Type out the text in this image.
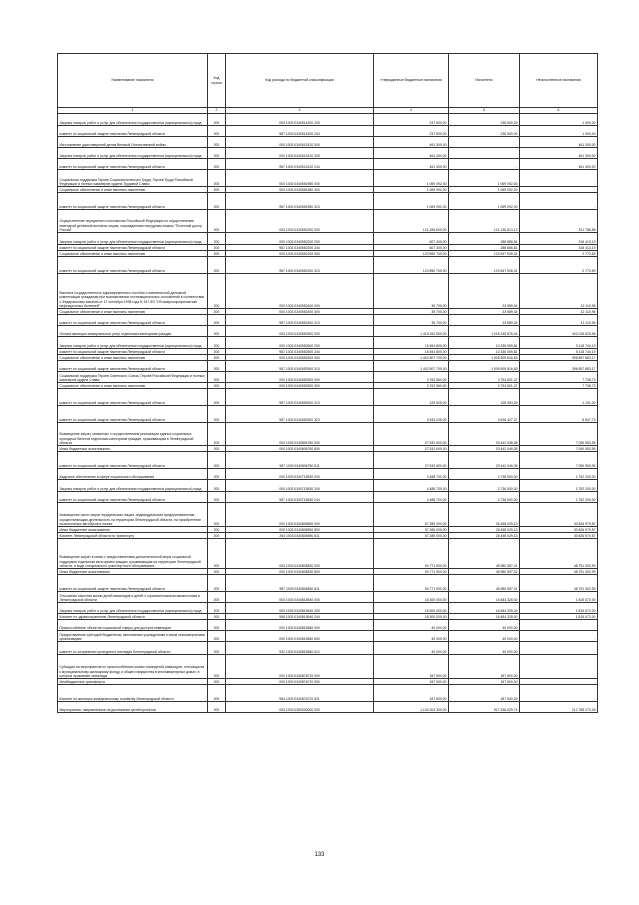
Наименование показателя	Код строки	Код расхода по бюджетной классификации	Утвержденные бюджетные назначения	Исполнено	Неисполненные назначения
1	2	3	4	5	6
Закупка товаров, работ и услуг для обеспечения государственных (муниципальных) нужд	200	000 1003 0340514200 200	237 500,00	236 500,00	1 000,00
комитет по социальной защите населения Ленинградской области	200	987 1003 0340514200 244	237 500,00	236 500,00	1 000,00
Изготовление удостоверений детям Великой Отечественной войны	200	000 1003 0340515120 000	461 300,00	-	461 300,00
Закупка товаров, работ и услуг для обеспечения государственных (муниципальных) нужд	200	000 1003 0340515120 200	461 300,00	-	461 300,00
комитет по социальной защите населения Ленинградской области	200	987 1003 0340515120 244	461 300,00	-	461 300,00
Социальная поддержка Героев Социалистического Труда, Героев Труда Российской Федерации и полных кавалеров ордена Трудовой Славы	200	000 1003 0340551980 000	1 069 092,00	1 069 092,00	-
Социальное обеспечение и иные выплаты населению	200	000 1003 0340551980 300	1 069 092,00	1 069 092,00	-
комитет по социальной защите населения Ленинградской области	200	987 1003 0340551980 313	1 069 092,00	1 069 092,00	-
Осуществление переданного полномочия Российской Федерации по осуществлению ежегодной денежной выплаты лицам, награжденным нагрудным знаком "Почетный донор России"	200	000 1003 0340552200 000	121 458 600,00	121 136 813,12	321 786,88
Закупка товаров, работ и услуг для обеспечения государственных (муниципальных) нужд	200	000 1003 0340552200 200	607 300,00	288 886,81	318 413,19
комитет по социальной защите населения Ленинградской области	200	987 1003 0340552200 244	607 300,00	288 886,81	318 413,19
Социальное обеспечение и иные выплаты населению	200	000 1003 0340552200 300	120 850 700,00	120 847 926,31	2 773,69
комитет по социальной защите населения Ленинградской области	200	987 1003 0340552200 313	120 850 700,00	120 847 926,31	2 773,69
Выплата государственного единовременного пособия и ежемесячной денежной компенсации гражданам при возникновении поствакцинальных осложнений в соответствии с Федеральным законом от 17 сентября 1998 года N 157-ФЗ "Об иммунопрофилактике инфекционных болезней"	200	000 1003 0340552400 000	35 700,00	23 589,04	12 110,96
Социальное обеспечение и иные выплаты населению	200	000 1003 0340552400 300	35 700,00	23 589,04	12 110,96
комитет по социальной защите населения Ленинградской области	200	987 1003 0340552400 313	35 700,00	23 589,04	12 110,96
Оплата жилищно-коммунальных услуг отдельным категориям граждан	200	000 1003 0340552500 000	1 418 262 500,00	1 016 245 876,04	402 016 623,96
Закупка товаров, работ и услуг для обеспечения государственных (муниципальных) нужд	200	000 1003 0340552500 200	15 454 800,00	10 336 059,81	5 118 740,19
комитет по социальной защите населения Ленинградской области	200	987 1003 0340552500 244	15 454 800,00	10 336 059,81	5 118 740,19
Социальное обеспечение и иные выплаты населению	200	000 1003 0340552500 300	1 402 807 700,00	1 005 909 816,83	396 897 883,17
комитет по социальной защите населения Ленинградской области	200	987 1003 0340552500 313	1 402 807 700,00	1 005 909 816,83	396 897 883,17
Социальная поддержка Героев Советского Союза, Героев Российской Федерации и полных кавалеров ордена Славы	200	000 1003 0340552520 000	3 762 560,00	3 754 821,27	7 738,73
Социальное обеспечение и иные выплаты населению	200	000 1003 0340552520 300	3 762 560,00	3 754 821,27	7 738,73
комитет по социальной защите населения Ленинградской области	200	987 1003 0340552520 313	129 525,00	128 394,00	1 131,00
комитет по социальной защите населения Ленинградской области	200	987 1003 0340552520 323	3 633 035,00	3 626 427,27	6 607,73
Возмещение затрат, связанных с осуществлением реализации единых социальных проездных билетов отдельным категориям граждан, проживающим в Ленинградской области	200	000 1003 0340806780 000	27 532 600,00	20 442 046,05	7 090 553,95
Иные бюджетные ассигнования	200	000 1003 0340806780 800	27 532 600,00	20 442 046,05	7 090 553,95
комитет по социальной защите населения Ленинградской области	200	987 1003 0340806780 811	27 532 600,00	20 442 046,05	7 090 553,95
Кадровое обеспечение в сфере социального обслуживания	200	000 1003 0340715530 000	4 488 700,00	2 736 500,00	1 752 200,00
Закупка товаров, работ и услуг для обеспечения государственных (муниципальных) нужд	200	000 1003 0340715530 200	4 488 700,00	2 736 500,00	1 752 200,00
комитет по социальной защите населения Ленинградской области	200	987 1003 0340715530 244	4 488 700,00	2 736 500,00	1 752 200,00
Возмещение части затрат юридическим лицам, индивидуальным предпринимателям, осуществляющим деятельность на территории Ленинградской области, на приобретение низкопольных автобусов в лизинг	200	000 1003 0340806550 000	57 285 000,00	26 458 029,13	30 826 970,87
Иные бюджетные ассигнования	200	000 1003 0340806550 800	57 285 000,00	26 458 029,13	30 826 970,87
Комитет Ленинградской области по транспорту	200	254 1003 0340806550 811	57 285 000,00	26 458 029,13	30 826 970,87
Возмещение затрат в связи с предоставлением дополнительной меры социальной поддержки отдельным категориям граждан, проживающим на территории Ленинградской области, в виде специального транспортного обслуживания	200	000 1003 0340806830 000	94 771 900,00	45 980 597,01	48 791 302,99
Иные бюджетные ассигнования	200	000 1003 0340806830 800	94 771 900,00	45 980 597,01	48 791 302,99
комитет по социальной защите населения Ленинградской области	200	987 1003 0340806830 811	94 771 900,00	45 980 597,01	48 791 302,99
Улучшение качества жизни детей-инвалидов и детей с ограниченными возможностями в Ленинградской области	200	000 1003 0340815540 000	18 300 000,00	16 484 328,00	1 815 672,00
Закупка товаров, работ и услуг для обеспечения государственных (муниципальных) нужд	200	000 1003 0340815540 200	18 300 000,00	16 484 328,00	1 815 672,00
Комитет по здравоохранению Ленинградской области	200	988 1003 0340815540 244	18 300 000,00	16 484 328,00	1 815 672,00
Приспособление объектов социальной сферы для доступа инвалидов	200	000 1003 0340815560 000	40 000,00	40 000,00	-
Предоставление субсидий бюджетным, автономным учреждениям и иным некоммерческим организациям	200	000 1003 0340815560 600	40 000,00	40 000,00	-
комитет по сохранению культурного наследия Ленинградской области	200	932 1003 0340815560 612	40 000,00	40 000,00	-
Субсидии на мероприятия по приспособлению жилых помещений инвалидов, относящихся к муниципальному жилищному фонду, и общего имущества в многоквартирных домах, в которых проживают инвалиды	200	000 1003 0340874070 000	187 500,00	187 500,00	-
Межбюджетные трансферты	200	000 1003 0340874070 500	187 500,00	187 500,00	-
Комитет по жилищно-коммунальному хозяйству Ленинградской области	200	984 1003 0340874070 521	187 500,00	187 500,00	-
Мероприятия, направленные на достижение целей проектов	200	000 1003 0350000000 000	1 140 204 300,00	927 436 029,74	212 768 270,26
133
